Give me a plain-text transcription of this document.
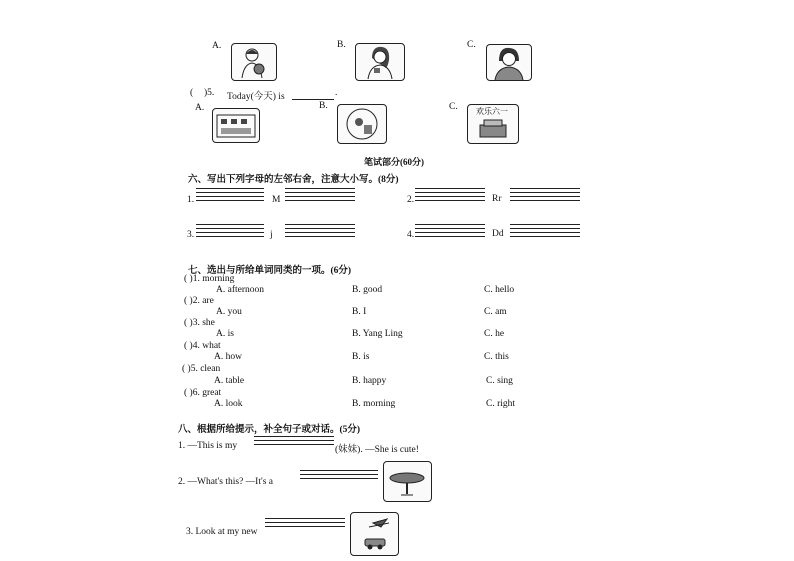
A.	B.	C.
( )5. Today(今天) is	.
A.	B.	C. 欢乐六一
笔试部分(60分)
六、写出下列字母的左邻右舍，注意大小写。(8分)
1.	M	2.	Rr
3.	j	4.	Dd
七、选出与所给单词同类的一项。(6分)
( )1. morning
A. afternoon	B. good	C. hello
( )2. are
A. you	B. I	C. am
( )3. she
A. is	B. Yang Ling	C. he
( )4. what
A. how	B. is	C. this
( )5. clean
A. table	B. happy	C. sing
( )6. great
A. look	B. morning	C. right
八、根据所给提示，补全句子或对话。(5分)
1. —This is my	(妹妹). —She is cute!
2. —What's this? —It's a
3. Look at my new
